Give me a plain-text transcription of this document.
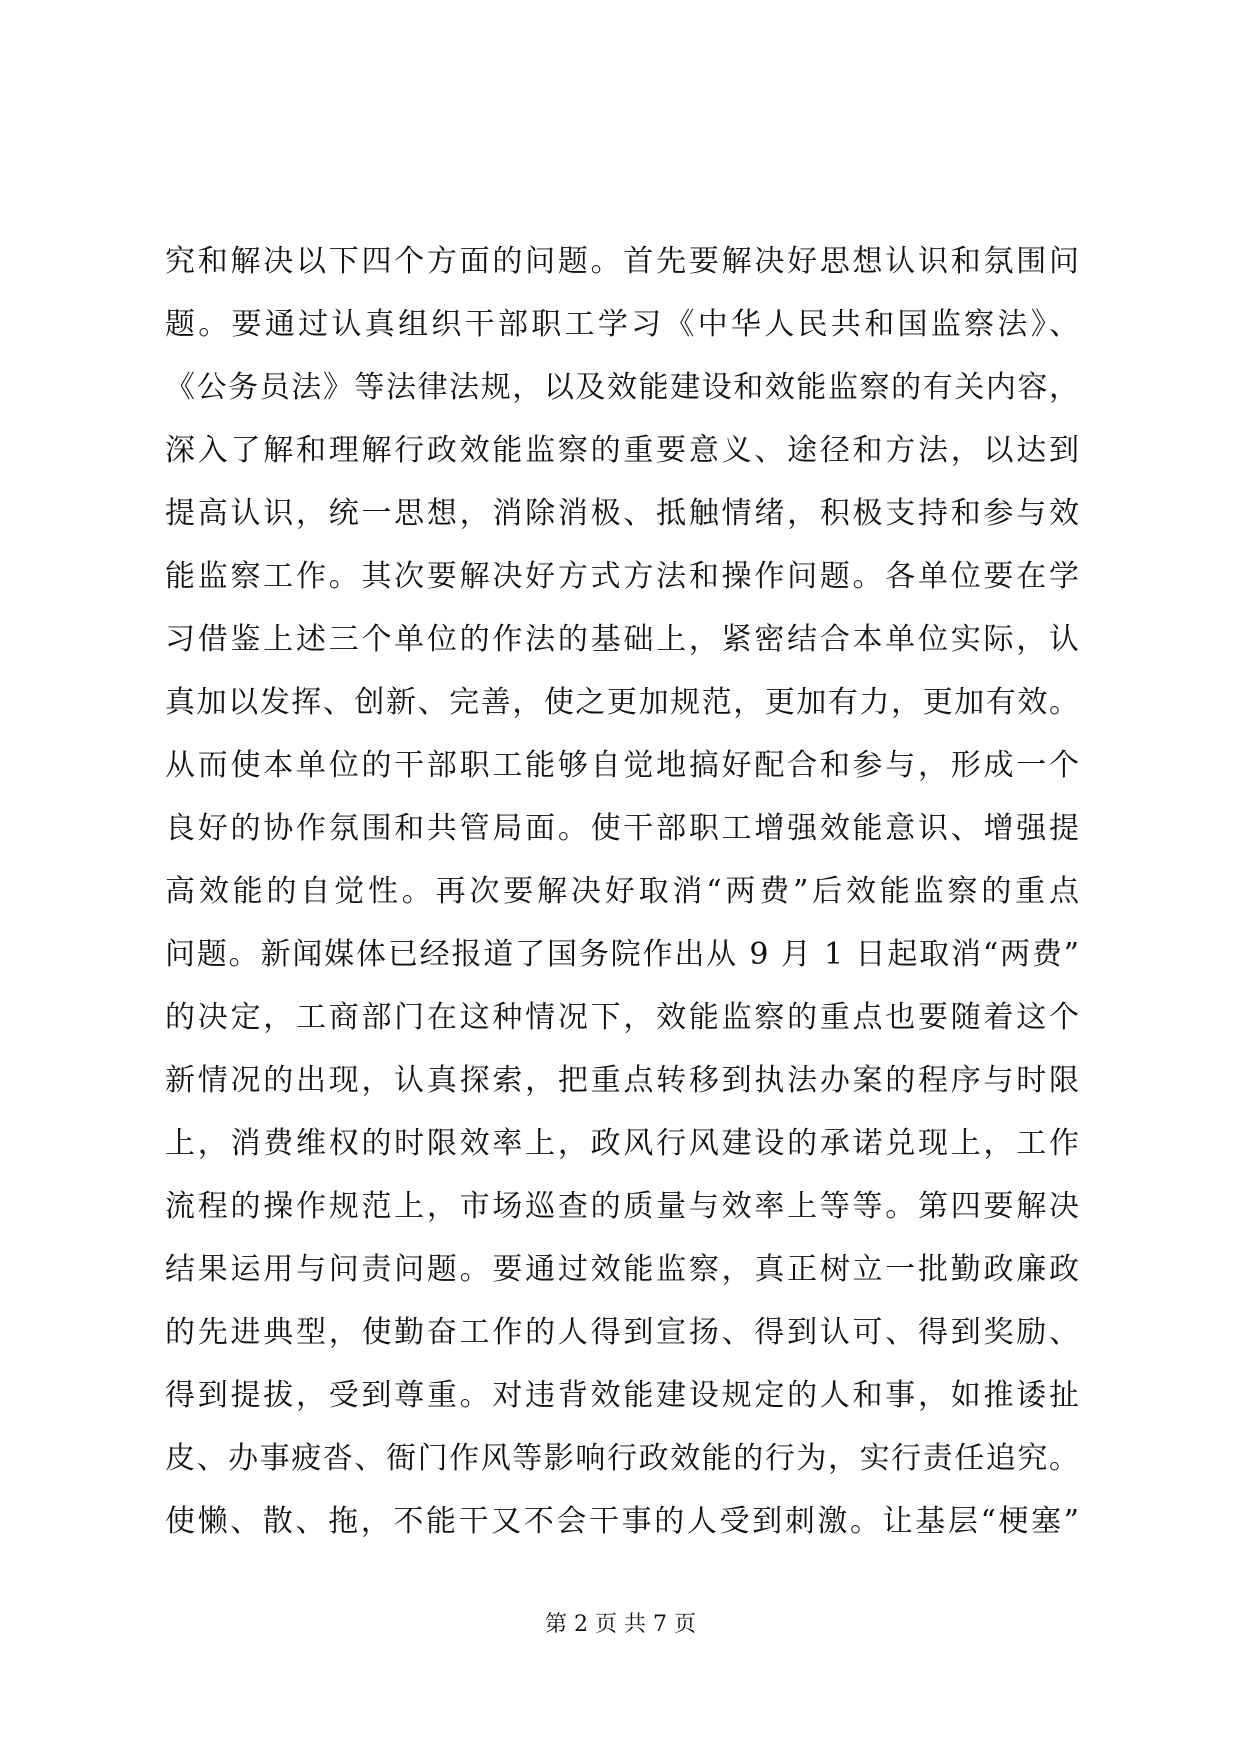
究和解决以下四个方面的问题。首先要解决好思想认识和氛围问
题。要通过认真组织干部职工学习《中华人民共和国监察法》、
《公务员法》等法律法规，以及效能建设和效能监察的有关内容，
深入了解和理解行政效能监察的重要意义、途径和方法，以达到
提高认识，统一思想，消除消极、抵触情绪，积极支持和参与效
能监察工作。其次要解决好方式方法和操作问题。各单位要在学
习借鉴上述三个单位的作法的基础上，紧密结合本单位实际，认
真加以发挥、创新、完善，使之更加规范，更加有力，更加有效。
从而使本单位的干部职工能够自觉地搞好配合和参与，形成一个
良好的协作氛围和共管局面。使干部职工增强效能意识、增强提
高效能的自觉性。再次要解决好取消“两费”后效能监察的重点
问题。新闻媒体已经报道了国务院作出从 9 月 1 日起取消“两费”
的决定，工商部门在这种情况下，效能监察的重点也要随着这个
新情况的出现，认真探索，把重点转移到执法办案的程序与时限
上，消费维权的时限效率上，政风行风建设的承诺兑现上，工作
流程的操作规范上，市场巡查的质量与效率上等等。第四要解决
结果运用与问责问题。要通过效能监察，真正树立一批勤政廉政
的先进典型，使勤奋工作的人得到宣扬、得到认可、得到奖励、
得到提拔，受到尊重。对违背效能建设规定的人和事，如推诿扯
皮、办事疲沓、衙门作风等影响行政效能的行为，实行责任追究。
使懒、散、拖，不能干又不会干事的人受到刺激。让基层“梗塞”
第 2 页 共 7 页
